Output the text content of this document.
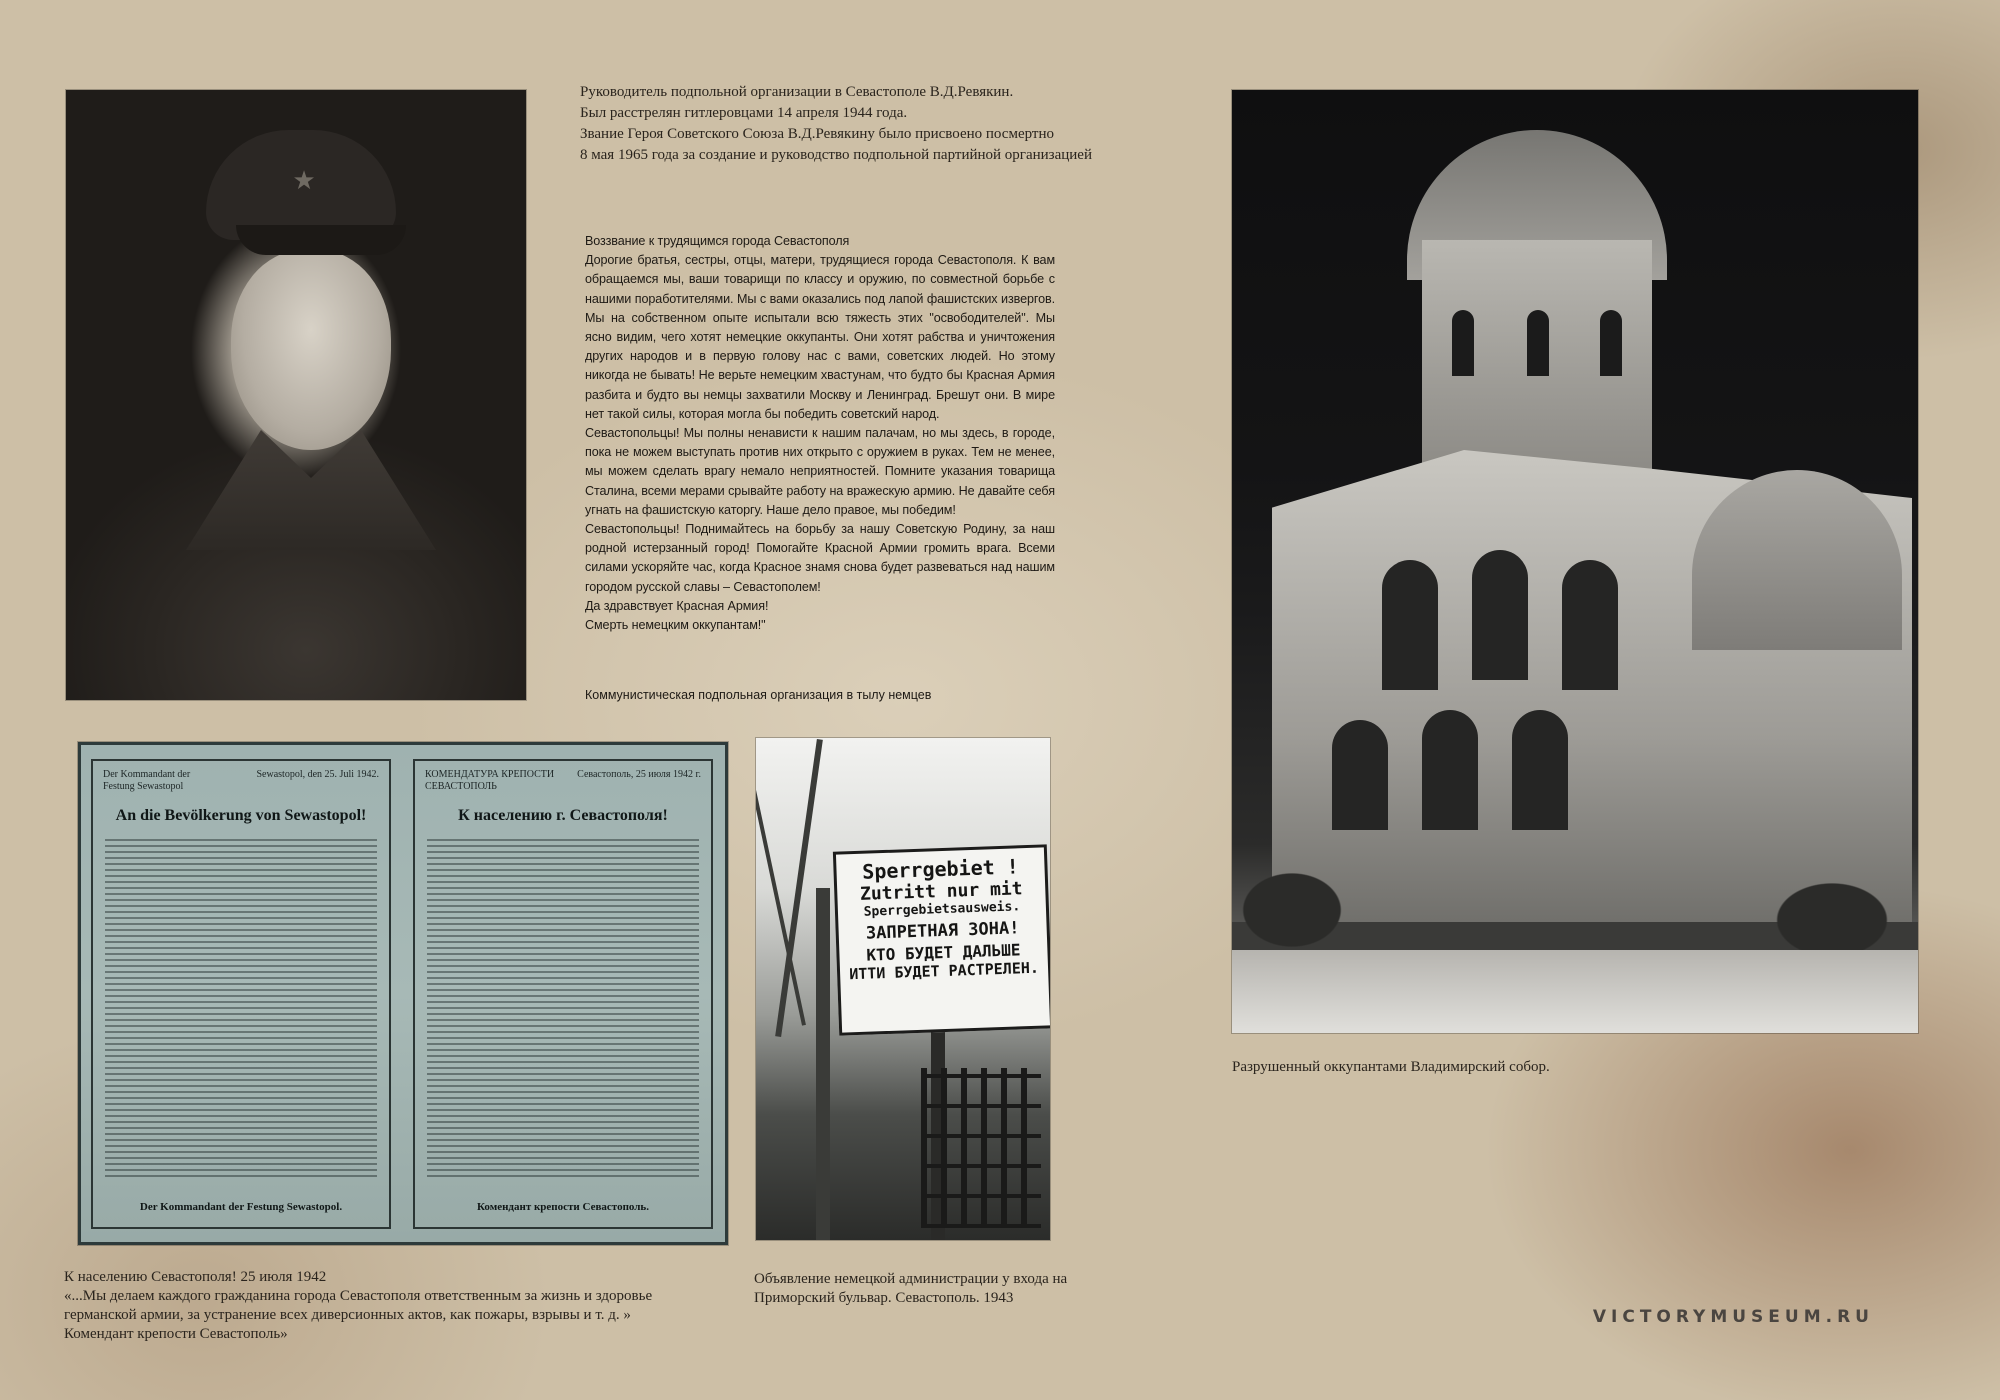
★
Руководитель подпольной организации в Севастополе В.Д.Ревякин.
Был расстрелян гитлеровцами 14 апреля 1944 года.
Звание Героя Советского Союза В.Д.Ревякину было присвоено посмертно
8 мая 1965 года за создание и руководство подпольной партийной организацией

Воззвание к трудящимся города Севастополя

Дорогие братья, сестры, отцы, матери, трудящиеся города Севастополя. К вам обращаемся мы, ваши товарищи по классу и оружию, по совместной борьбе с нашими поработителями. Мы с вами оказались под лапой фашистских извергов. Мы на собственном опыте испытали всю тяжесть этих "освободителей". Мы ясно видим, чего хотят немецкие оккупанты. Они хотят рабства и уничтожения других народов и в первую голову нас с вами, советских людей. Но этому никогда не бывать! Не верьте немецким хвастунам, что будто бы Красная Армия разбита и будто вы немцы захватили Москву и Ленинград. Брешут они. В мире нет такой силы, которая могла бы победить советский народ.

Севастопольцы! Мы полны ненависти к нашим палачам, но мы здесь, в городе, пока не можем выступать против них открыто с оружием в руках. Тем не менее, мы можем сделать врагу немало неприятностей. Помните указания товарища Сталина, всеми мерами срывайте работу на вражескую армию. Не давайте себя угнать на фашистскую каторгу. Наше дело правое, мы победим!

Севастопольцы! Поднимайтесь на борьбу за нашу Советскую Родину, за наш родной истерзанный город! Помогайте Красной Армии громить врага. Всеми силами ускоряйте час, когда Красное знамя снова будет развеваться над нашим городом русской славы – Севастополем!

Да здравствует Красная Армия!

Смерть немецким оккупантам!"

Коммунистическая подпольная организация в тылу немцев
Der Kommandant der
Festung Sewastopol
Sewastopol, den 25. Juli 1942.
An die Bevölkerung von Sewastopol!
Der Kommandant der Festung Sewastopol.
КОМЕНДАТУРА КРЕПОСТИ
СЕВАСТОПОЛЬ
Севастополь, 25 июля 1942 г.
К населению г. Севастополя!
Комендант крепости Севастополь.
Sperrgebiet !
Zutritt nur mit
Sperrgebietsausweis.
ЗАПРЕТНАЯ ЗОНА!
КТО БУДЕТ ДАЛЬШЕ
ИТТИ БУДЕТ РАСТРЕЛЕН.
К населению Севастополя! 25 июля 1942
«...Мы делаем каждого гражданина города Севастополя ответственным за жизнь и здоровье
германской армии, за устранение всех диверсионных актов, как пожары, взрывы и т. д. »
Комендант крепости Севастополь»
Объявление немецкой администрации у входа на Приморский бульвар. Севастополь. 1943
Разрушенный оккупантами Владимирский собор.
VICTORYMUSEUM.RU
